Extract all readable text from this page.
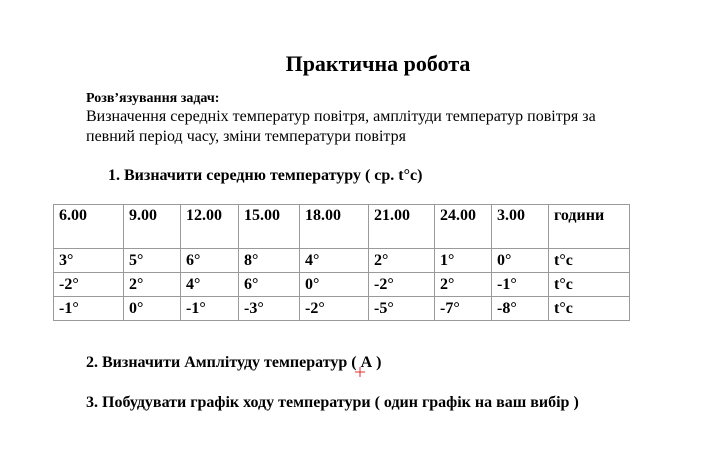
Практична робота
Розв’язування задач:
Визначення середніх температур повітря, амплітуди температур повітря за певний період часу, зміни температури повітря
1. Визначити середню температуру ( ср. t°c)
6.00	9.00	12.00	15.00	18.00	21.00	24.00	3.00	години
3°	5°	6°	8°	4°	2°	1°	0°	t°c
-2°	2°	4°	6°	0°	-2°	2°	-1°	t°c
-1°	0°	-1°	-3°	-2°	-5°	-7°	-8°	t°c
2. Визначити Амплітуду температур ( А )
3. Побудувати графік ходу температури ( один графік на ваш вибір )
